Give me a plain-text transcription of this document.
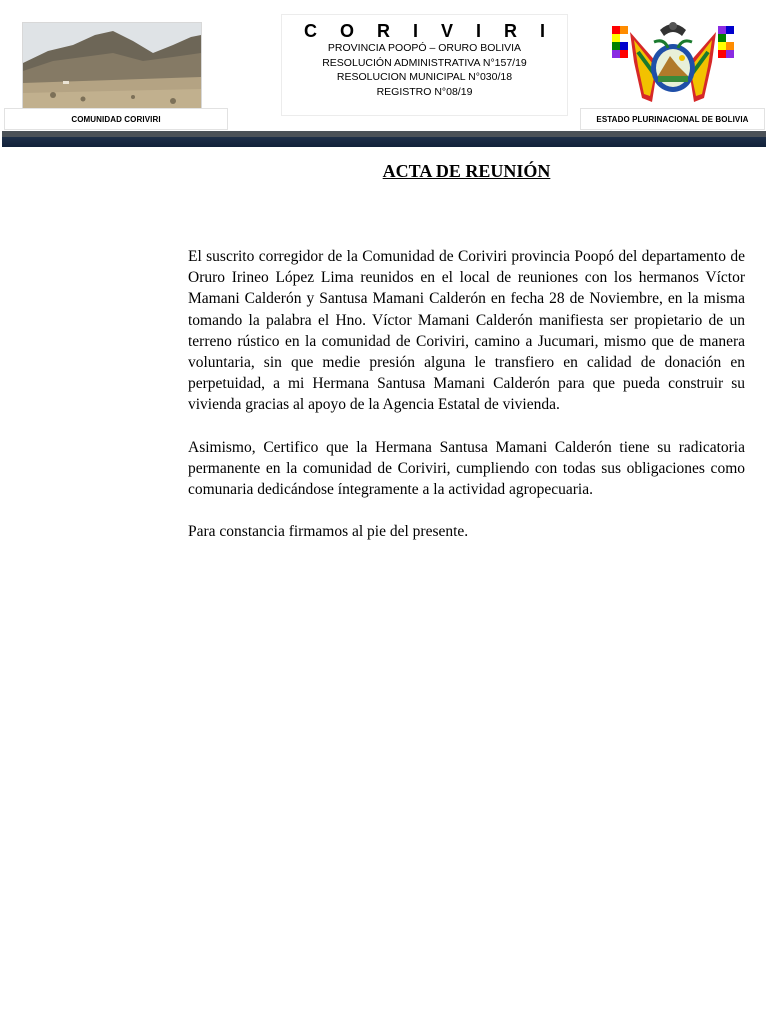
COMUNIDAD CORIVIRI
C O R I V I R I
PROVINCIA POOPÓ – ORURO BOLIVIA
RESOLUCIÓN ADMINISTRATIVA N°157/19
RESOLUCION MUNICIPAL N°030/18
REGISTRO N°08/19
ESTADO PLURINACIONAL DE BOLIVIA
ACTA DE REUNIÓN

El suscrito corregidor de la Comunidad de Coriviri provincia Poopó del departamento de Oruro Irineo López Lima reunidos en el local de reuniones con los hermanos Víctor Mamani Calderón y Santusa Mamani Calderón en fecha 28 de Noviembre, en la misma tomando la palabra el Hno. Víctor Mamani Calderón manifiesta ser propietario de un terreno rústico en la comunidad de Coriviri, camino a Jucumari, mismo que de manera voluntaria, sin que medie presión alguna le transfiero en calidad de donación en perpetuidad, a mi Hermana Santusa Mamani Calderón para que pueda construir su vivienda gracias al apoyo de la Agencia Estatal de vivienda.

Asimismo, Certifico que la Hermana Santusa Mamani Calderón tiene su radicatoria permanente en la comunidad de Coriviri, cumpliendo con todas sus obligaciones como comunaria dedicándose íntegramente a la actividad agropecuaria.

Para constancia firmamos al pie del presente.
